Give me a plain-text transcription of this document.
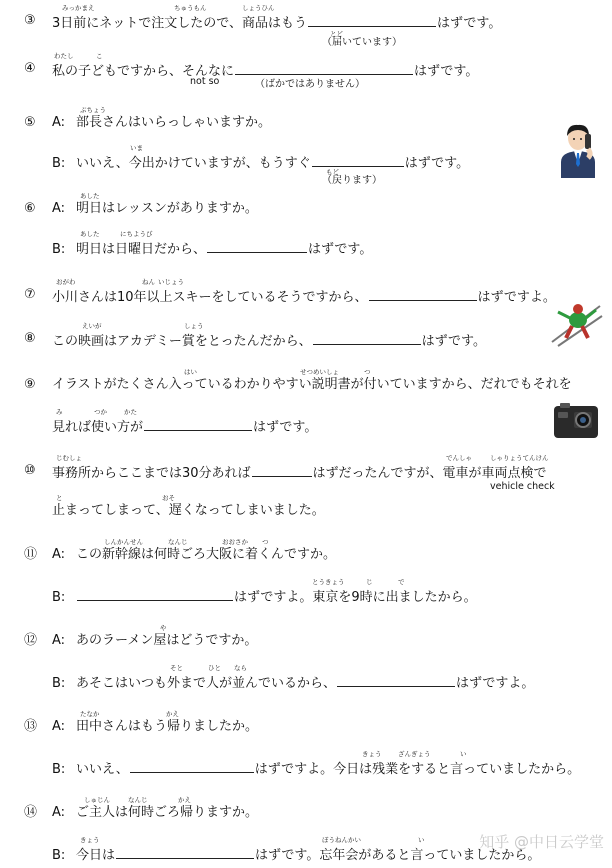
③ 3日前にネットで注文したので、商品はもう	はずです。
みっかまえ	ちゅうもん	しょうひん
とど
（届いています）
④ 私の子どもですから、そんなに	はずです。
わたし	こ
not so	（ばかではありません）
⑤ A: 部長さんはいらっしゃいますか。
B: いいえ、今出かけていますが、もうすぐ	はずです。
ぶちょう
いま
もど
（戻ります）
⑥ A: 明日はレッスンがありますか。
B: 明日は日曜日だから、	はずです。
あした
あした	にちようび
⑦ 小川さんは10年以上スキーをしているそうですから、	はずですよ。
おがわ	ねん いじょう
⑧ この映画はアカデミー賞をとったんだから、	はずです。
えいが	しょう
⑨ イラストがたくさん入っているわかりやすい説明書が付いていますから、だれでもそれを
見れば使い方が	はずです。
はい	せつめいしょ	つ
み	つか	かた
⑩ 事務所からここまでは30分あれば	はずだったんですが、電車が車両点検で
止まってしまって、遅くなってしまいました。
じむしょ	でんしゃ	しゃりょうてんけん
vehicle check
と	おそ
⑪ A: この新幹線は何時ごろ大阪に着くんですか。
B:	はずですよ。東京を9時に出ましたから。
しんかんせん	なんじ	おおさか つ
とうきょう	じ	で
⑫ A: あのラーメン屋はどうですか。
B: あそこはいつも外まで人が並んでいるから、	はずですよ。
や
そと	ひと なら
⑬ A: 田中さんはもう帰りましたか。
B: いいえ、	はずですよ。今日は残業をすると言っていましたから。
たなか	かえ
きょう	ざんぎょう	い
⑭ A: ご主人は何時ごろ帰りますか。
B: 今日は	はずです。忘年会があると言っていましたから。
しゅじん	なんじ	かえ
きょう	ぼうねんかい	い	知乎 @中日云学堂
